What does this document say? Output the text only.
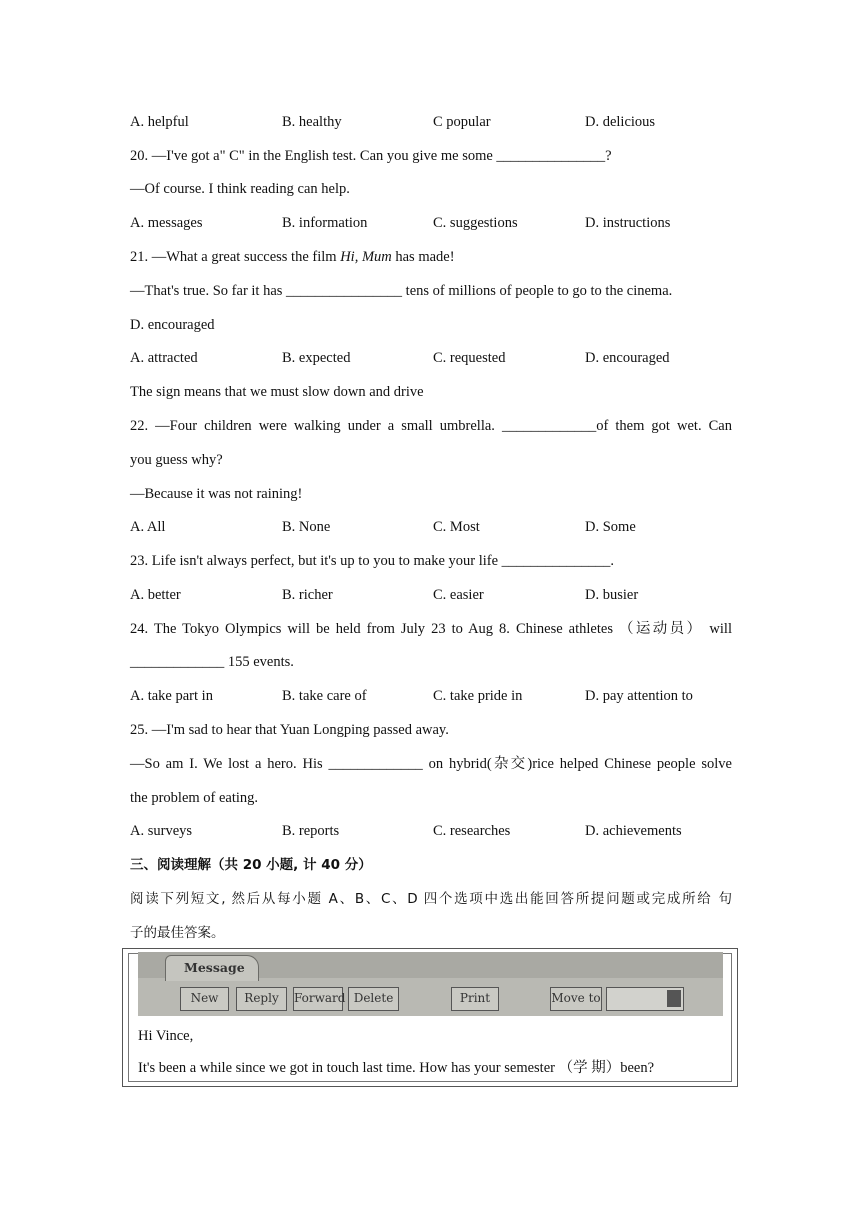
A. helpful	B. healthy	C popular	D. delicious
20. —I've got a" C" in the English test. Can you give me some _______________?
—Of course. I think reading can help.
A. messages	B. information	C. suggestions	D. instructions
21. —What a great success the film Hi, Mum has made!
—That's true. So far it has ________________ tens of millions of people to go to the cinema.
D. encouraged
A. attracted	B. expected	C. requested	D. encouraged
The sign means that we must slow down and drive
22. —Four children were walking under a small umbrella. _____________of them got wet. Can
you guess why?
—Because it was not raining!
A. All	B. None	C. Most	D. Some
23. Life isn't always perfect, but it's up to you to make your life _______________.
A. better	B. richer	C. easier	D. busier
24. The Tokyo Olympics will be held from July 23 to Aug 8. Chinese athletes （运动员） will
_____________ 155 events.
A. take part in	B. take care of	C. take pride in	D. pay attention to
25. —I'm sad to hear that Yuan Longping passed away.
—So am I. We lost a hero. His _____________ on hybrid(杂交)rice helped Chinese people solve
the problem of eating.
A. surveys	B. reports	C. researches	D. achievements
三、阅读理解（共 20 小题, 计 40 分）
阅读下列短文, 然后从每小题 A、B、C、D 四个选项中选出能回答所提问题或完成所给 句
子的最佳答案。
Message
New	Reply	Forward Delete	Print	Move to
Hi Vince,
It's been a while since we got in touch last time. How has your semester （学 期）been?
